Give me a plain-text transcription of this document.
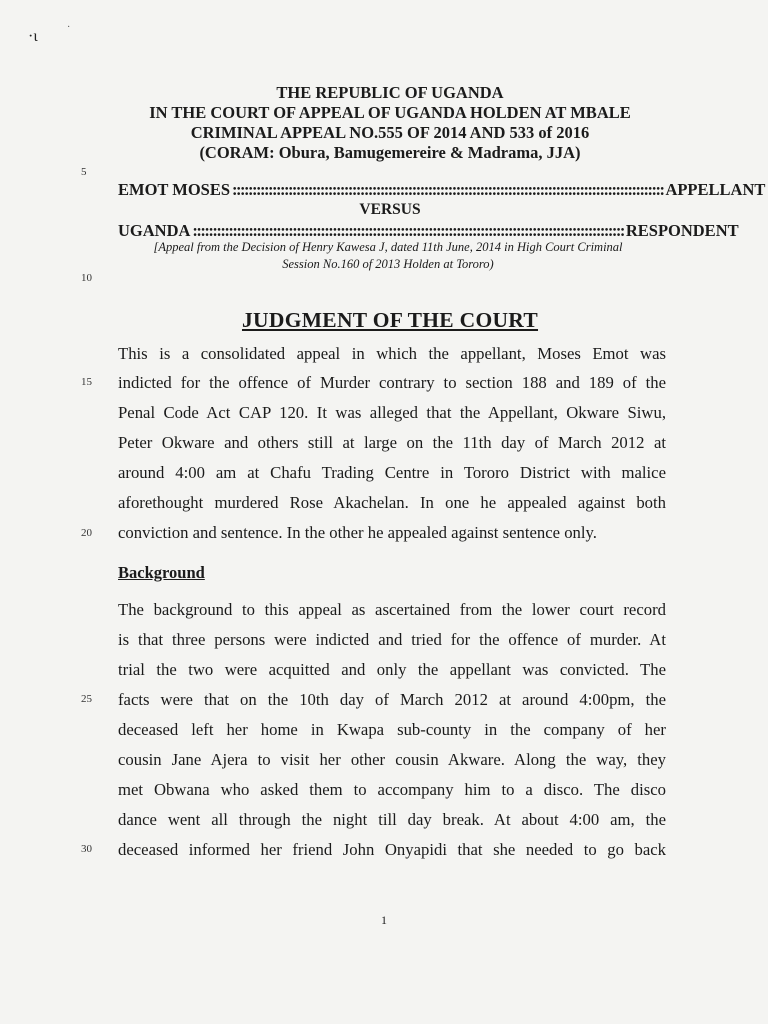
·ɩ
·
THE REPUBLIC OF UGANDA
IN THE COURT OF APPEAL OF UGANDA HOLDEN AT MBALE
CRIMINAL APPEAL NO.555 OF 2014 AND 533 of 2016
(CORAM: Obura, Bamugemereire & Madrama, JJA)
5
EMOT MOSES :::::::::::::::::::::::::::::::::::::::::::::::::::::::::::::::::::::::::::::::::::::::::::::::::::::::::::: APPELLANT
VERSUS
UGANDA :::::::::::::::::::::::::::::::::::::::::::::::::::::::::::::::::::::::::::::::::::::::::::::::::::::::::::: RESPONDENT
[Appeal from the Decision of Henry Kawesa J, dated 11th June, 2014 in High Court Criminal
10
Session No.160 of 2013 Holden at Tororo)
JUDGMENT OF THE COURT
This is a consolidated appeal in which the appellant, Moses Emot was
15 indicted for the offence of Murder contrary to section 188 and 189 of the
Penal Code Act CAP 120. It was alleged that the Appellant, Okware Siwu,
Peter Okware and others still at large on the 11th day of March 2012 at
around 4:00 am at Chafu Trading Centre in Tororo District with malice
aforethought murdered Rose Akachelan. In one he appealed against both
20 conviction and sentence. In the other he appealed against sentence only.
Background
The background to this appeal as ascertained from the lower court record
is that three persons were indicted and tried for the offence of murder. At
trial the two were acquitted and only the appellant was convicted. The
25 facts were that on the 10th day of March 2012 at around 4:00pm, the
deceased left her home in Kwapa sub-county in the company of her
cousin Jane Ajera to visit her other cousin Akware. Along the way, they
met Obwana who asked them to accompany him to a disco. The disco
dance went all through the night till day break. At about 4:00 am, the
30 deceased informed her friend John Onyapidi that she needed to go back
1
